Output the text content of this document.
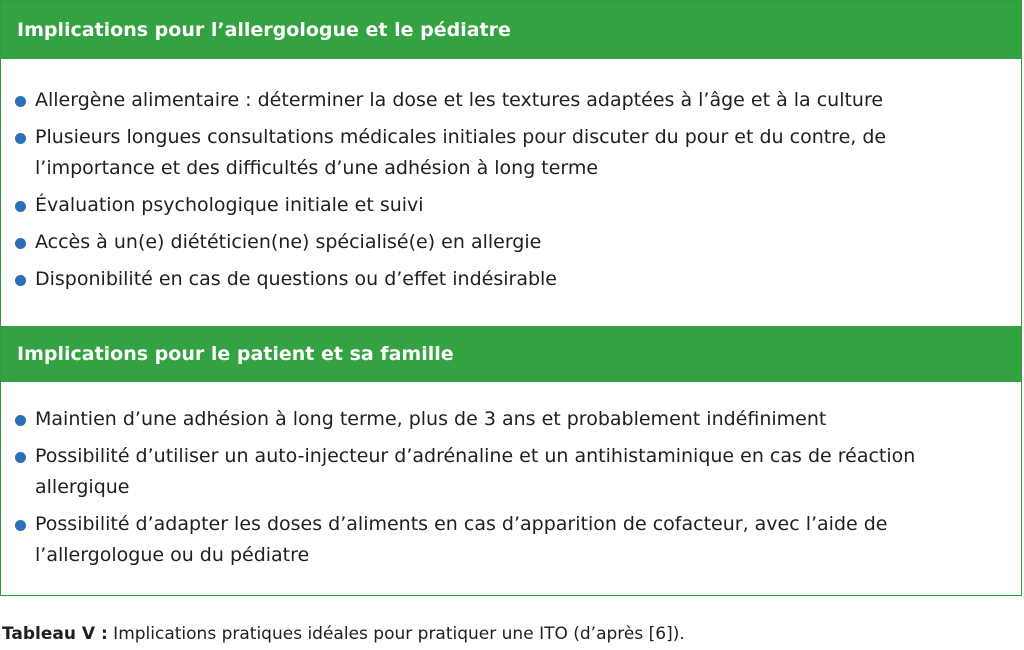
Implications pour l’allergologue et le pédiatre
Allergène alimentaire : déterminer la dose et les textures adaptées à l’âge et à la culture
Plusieurs longues consultations médicales initiales pour discuter du pour et du contre, de l’importance et des difficultés d’une adhésion à long terme
Évaluation psychologique initiale et suivi
Accès à un(e) diététicien(ne) spécialisé(e) en allergie
Disponibilité en cas de questions ou d’effet indésirable
Implications pour le patient et sa famille
Maintien d’une adhésion à long terme, plus de 3 ans et probablement indéfiniment
Possibilité d’utiliser un auto-injecteur d’adrénaline et un antihistaminique en cas de réaction allergique
Possibilité d’adapter les doses d’aliments en cas d’apparition de cofacteur, avec l’aide de l’allergologue ou du pédiatre
Tableau V : Implications pratiques idéales pour pratiquer une ITO (d’après [6]).
